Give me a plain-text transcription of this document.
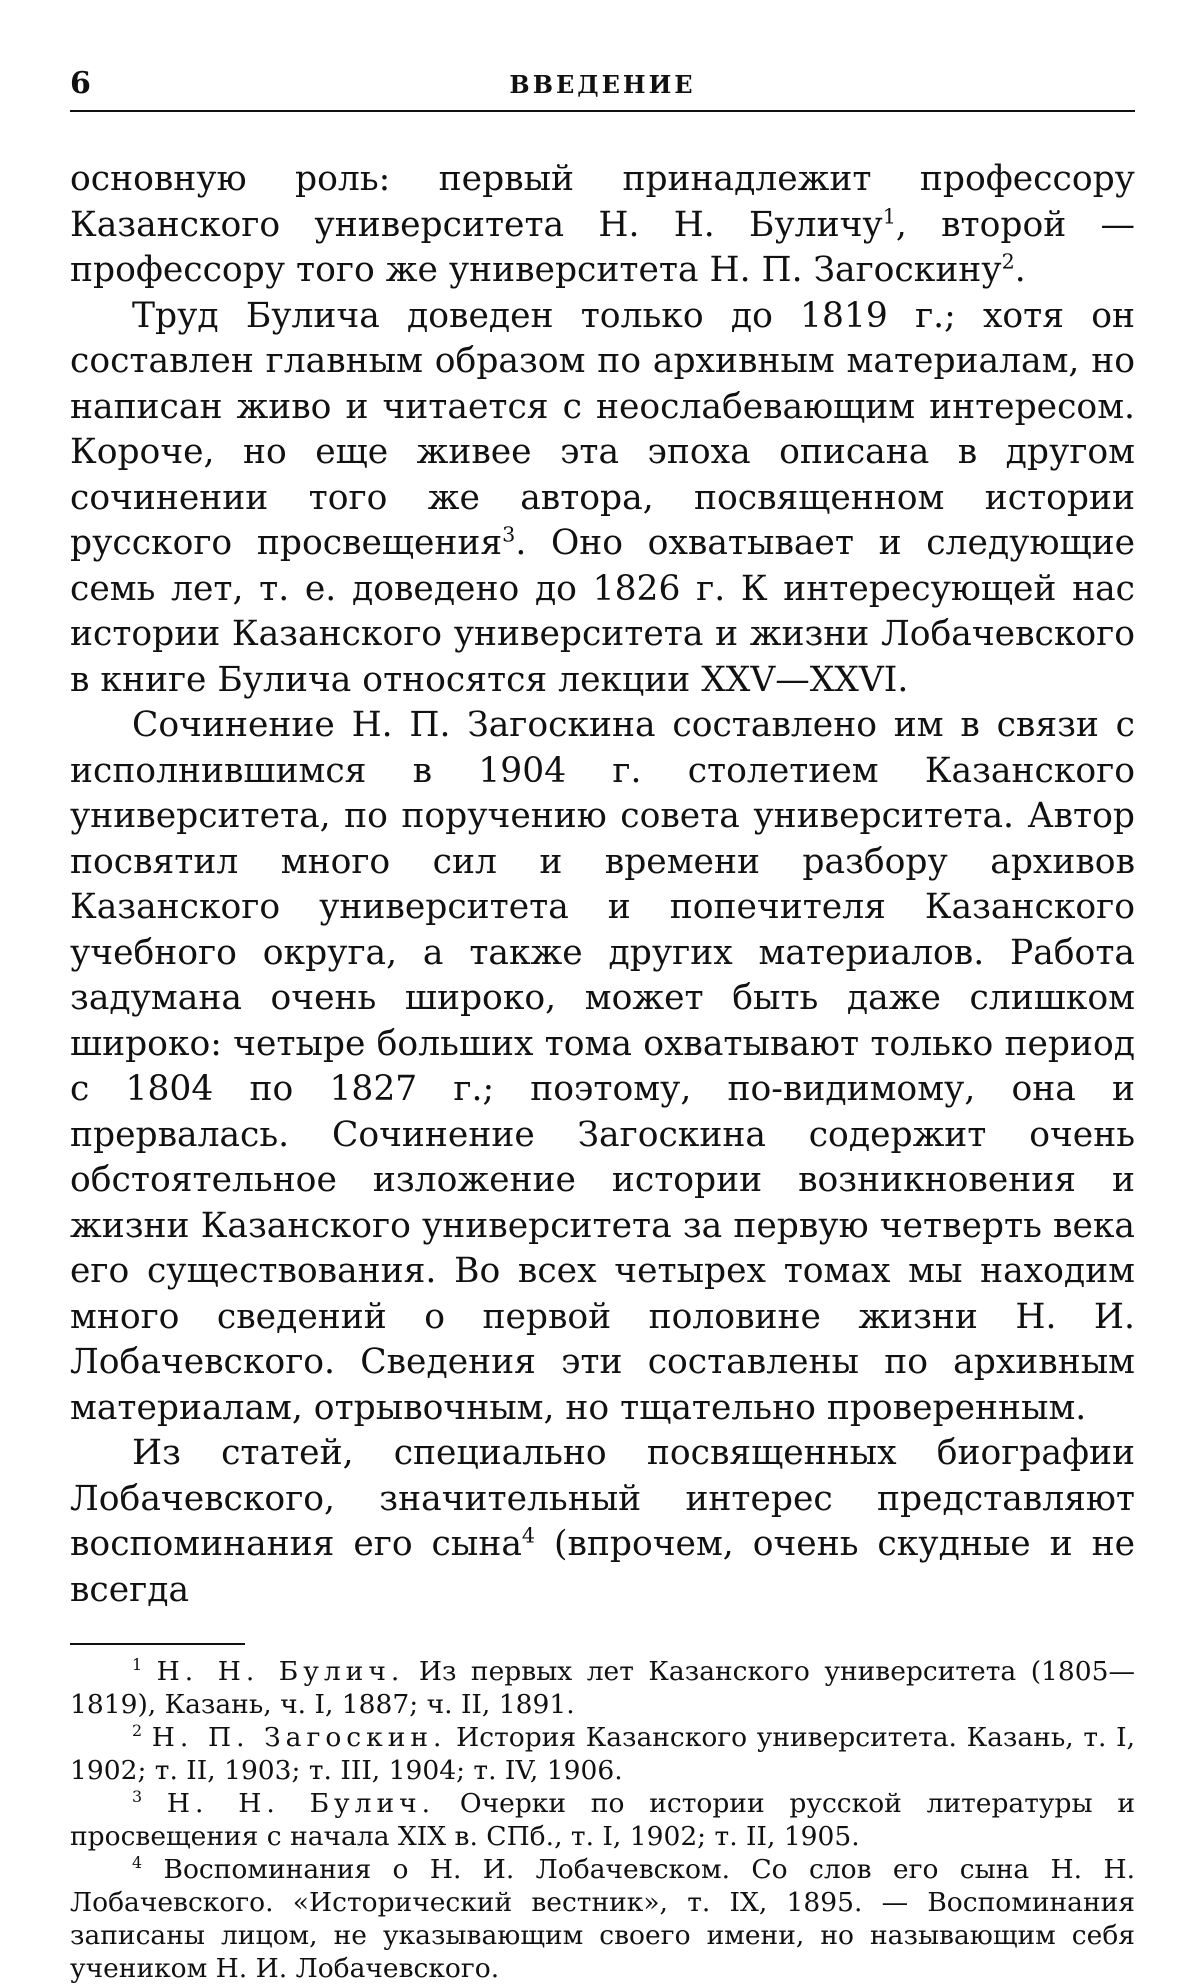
6	ВВЕДЕНИЕ

основную роль: первый принадлежит профессору Казанского университета Н. Н. Буличу$^1$, второй — профессору того же университета Н. П. Загоскину$^2$.

Труд Булича доведен только до 1819 г.; хотя он составлен главным образом по архивным материалам, но написан живо и читается с неослабевающим интересом. Короче, но еще живее эта эпоха описана в другом сочинении того же автора, посвященном истории русского просвещения$^3$. Оно охватывает и следующие семь лет, т. е. доведено до 1826 г. К интересующей нас истории Казанского университета и жизни Лобачевского в книге Булича относятся лекции XXV—XXVI.

Сочинение Н. П. Загоскина составлено им в связи с исполнившимся в 1904 г. столетием Казанского университета, по поручению совета университета. Автор посвятил много сил и времени разбору архивов Казанского университета и попечителя Казанского учебного округа, а также других материалов. Работа задумана очень широко, может быть даже слишком широко: четыре больших тома охватывают только период с 1804 по 1827 г.; поэтому, по-видимому, она и прервалась. Сочинение Загоскина содержит очень обстоятельное изложение истории возникновения и жизни Казанского университета за первую четверть века его существования. Во всех четырех томах мы находим много сведений о первой половине жизни Н. И. Лобачевского. Сведения эти составлены по архивным материалам, отрывочным, но тщательно проверенным.

Из статей, специально посвященных биографии Лобачевского, значительный интерес представляют воспоминания его сына$^4$ (впрочем, очень скудные и не всегда

$^1$ Н. Н. Булич. Из первых лет Казанского университета (1805—1819), Казань, ч. I, 1887; ч. II, 1891.

$^2$ Н. П. Загоскин. История Казанского университета. Казань, т. I, 1902; т. II, 1903; т. III, 1904; т. IV, 1906.

$^3$ Н. Н. Булич. Очерки по истории русской литературы и просвещения с начала XIX в. СПб., т. I, 1902; т. II, 1905.

$^4$ Воспоминания о Н. И. Лобачевском. Со слов его сына Н. Н. Лобачевского. «Исторический вестник», т. IX, 1895. — Воспоминания записаны лицом, не указывающим своего имени, но называющим себя учеником Н. И. Лобачевского.
